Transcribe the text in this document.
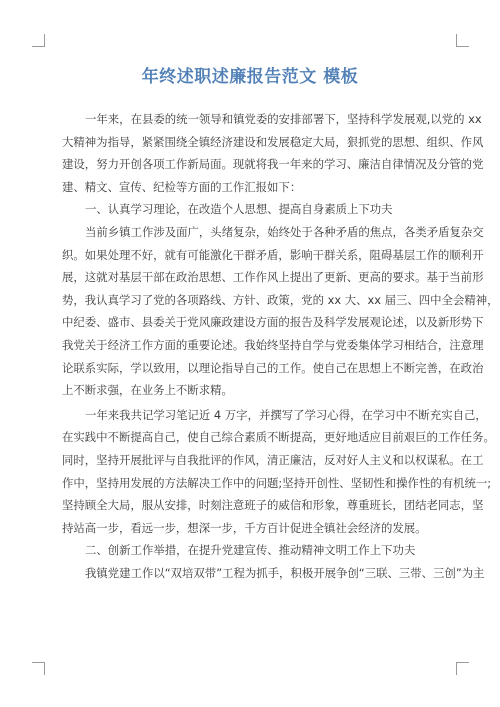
年终述职述廉报告范文 模板
一年来，在县委的统一领导和镇党委的安排部署下，坚持科学发展观,以党的 xx
大精神为指导，紧紧围绕全镇经济建设和发展稳定大局，狠抓党的思想、组织、作风
建设，努力开创各项工作新局面。现就将我一年来的学习、廉洁自律情况及分管的党
建、精文、宣传、纪检等方面的工作汇报如下：
一、认真学习理论，在改造个人思想、提高自身素质上下功夫
当前乡镇工作涉及面广，头绪复杂，始终处于各种矛盾的焦点，各类矛盾复杂交
织。如果处理不好，就有可能激化干群矛盾，影响干群关系，阻碍基层工作的顺利开
展，这就对基层干部在政治思想、工作作风上提出了更新、更高的要求。基于当前形
势，我认真学习了党的各项路线、方针、政策，党的 xx 大、xx 届三、四中全会精神，
中纪委、盛市、县委关于党风廉政建设方面的报告及科学发展观论述，以及新形势下
我党关于经济工作方面的重要论述。我始终坚持自学与党委集体学习相结合，注意理
论联系实际，学以致用，以理论指导自己的工作。使自己在思想上不断完善，在政治
上不断求强，在业务上不断求精。
一年来我共记学习笔记近 4 万字，并撰写了学习心得，在学习中不断充实自己，
在实践中不断提高自己，使自己综合素质不断提高，更好地适应目前艰巨的工作任务。
同时，坚持开展批评与自我批评的作风，清正廉洁，反对好人主义和以权谋私。在工
作中，坚持用发展的方法解决工作中的问题;坚持开创性、坚韧性和操作性的有机统一;
坚持顾全大局，服从安排，时刻注意班子的威信和形象，尊重班长，团结老同志，坚
持站高一步，看远一步，想深一步，千方百计促进全镇社会经济的发展。
二、创新工作举措，在提升党建宣传、推动精神文明工作上下功夫
我镇党建工作以“双培双带”工程为抓手，积极开展争创“三联、三带、三创”为主
